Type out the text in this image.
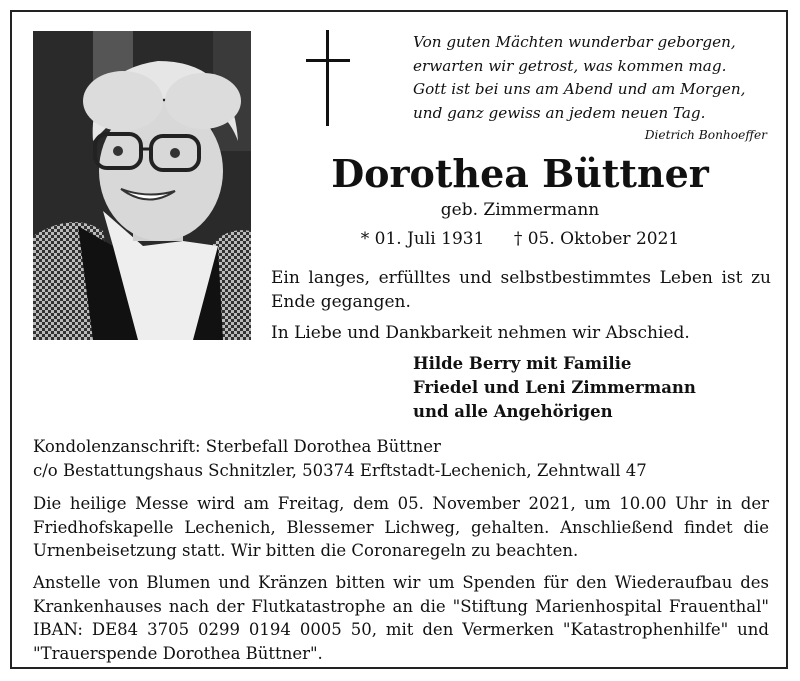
Von guten Mächten wunderbar geborgen,
erwarten wir getrost, was kommen mag.
Gott ist bei uns am Abend und am Morgen,
und ganz gewiss an jedem neuen Tag.
Dietrich Bonhoeffer
Dorothea Büttner
geb. Zimmermann
* 01. Juli 1931 † 05. Oktober 2021
Ein langes, erfülltes und selbstbestimmtes Leben ist zu
Ende gegangen.
In Liebe und Dankbarkeit nehmen wir Abschied.
Hilde Berry mit Familie
Friedel und Leni Zimmermann
und alle Angehörigen
Kondolenzanschrift: Sterbefall Dorothea Büttner
c/o Bestattungshaus Schnitzler, 50374 Erftstadt-Lechenich, Zehntwall 47
Die heilige Messe wird am Freitag, dem 05. November 2021, um 10.00 Uhr in der
Friedhofskapelle Lechenich, Blessemer Lichweg, gehalten. Anschließend findet die
Urnenbeisetzung statt. Wir bitten die Coronaregeln zu beachten.
Anstelle von Blumen und Kränzen bitten wir um Spenden für den Wiederaufbau des
Krankenhauses nach der Flutkatastrophe an die "Stiftung Marienhospital Frauenthal"
IBAN: DE84 3705 0299 0194 0005 50, mit den Vermerken "Katastrophenhilfe" und
"Trauerspende Dorothea Büttner".
